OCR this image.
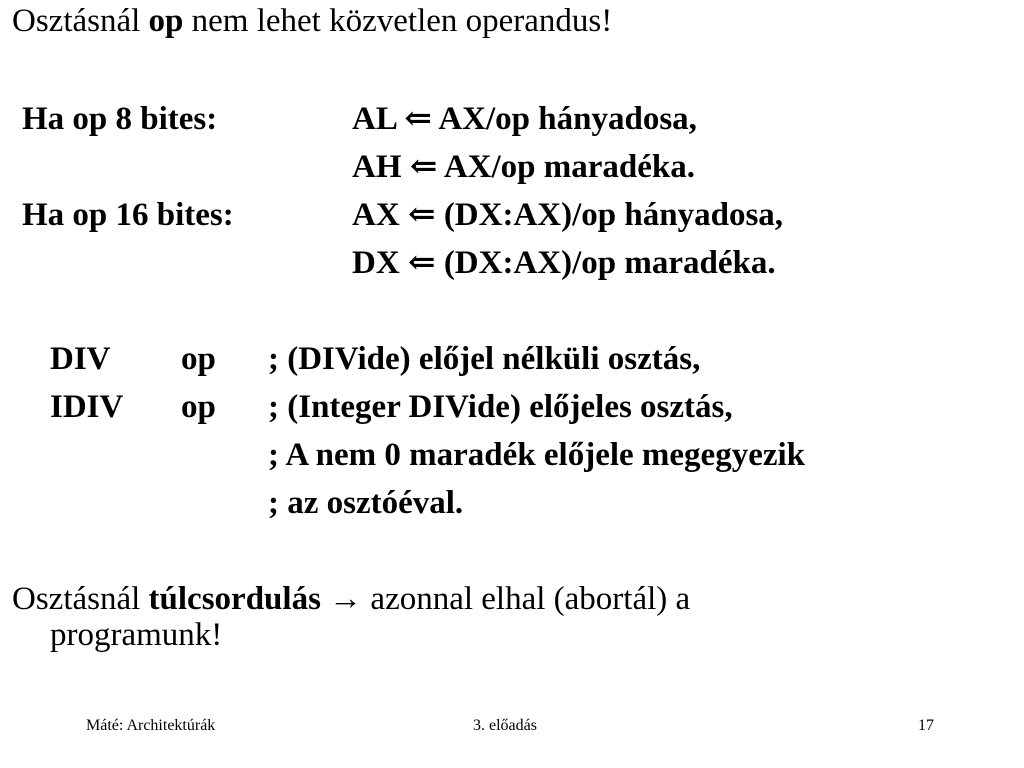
Osztásnál op nem lehet közvetlen operandus!
Ha op 8 bites:	AL ⇐ AX/op hányadosa,
AH ⇐ AX/op maradéka.
Ha op 16 bites:	AX ⇐ (DX:AX)/op hányadosa,
DX ⇐ (DX:AX)/op maradéka.
DIV op ; (DIVide) előjel nélküli osztás,
IDIV op ; (Integer DIVide) előjeles osztás,
; A nem 0 maradék előjele megegyezik
; az osztóéval.
Osztásnál túlcsordulás → azonnal elhal (abortál) a
programunk!
Máté: Architektúrák	3. előadás	17
